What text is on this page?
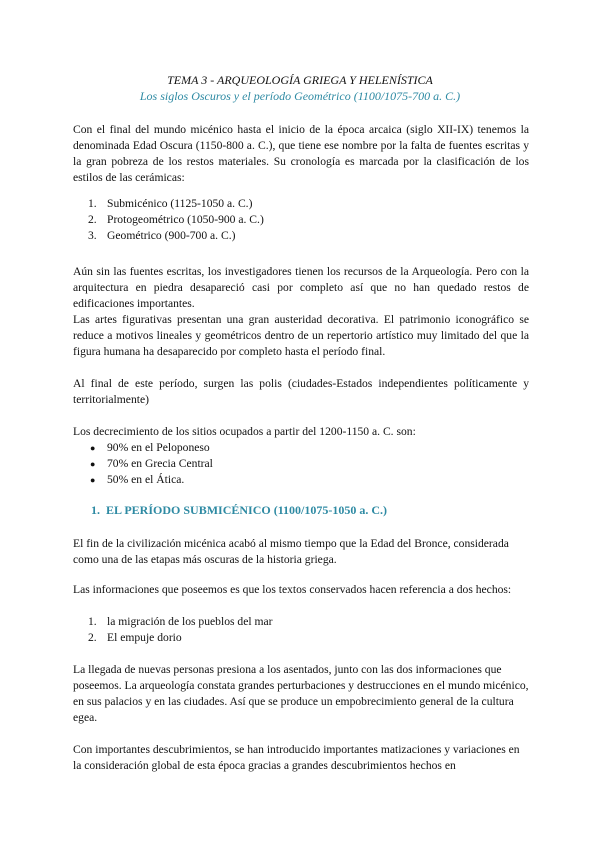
TEMA 3 - ARQUEOLOGÍA GRIEGA Y HELENÍSTICA
Los siglos Oscuros y el período Geométrico (1100/1075-700 a. C.)

Con el final del mundo micénico hasta el inicio de la época arcaica (siglo XII-IX) tenemos la denominada Edad Oscura (1150-800 a. C.), que tiene ese nombre por la falta de fuentes escritas y la gran pobreza de los restos materiales. Su cronología es marcada por la clasificación de los estilos de las cerámicas:

1. Submicénico (1125-1050 a. C.)
2. Protogeométrico (1050-900 a. C.)
3. Geométrico (900-700 a. C.)

Aún sin las fuentes escritas, los investigadores tienen los recursos de la Arqueología. Pero con la arquitectura en piedra desapareció casi por completo así que no han quedado restos de edificaciones importantes.

Las artes figurativas presentan una gran austeridad decorativa. El patrimonio iconográfico se reduce a motivos lineales y geométricos dentro de un repertorio artístico muy limitado del que la figura humana ha desaparecido por completo hasta el período final.

Al final de este período, surgen las polis (ciudades-Estados independientes políticamente y territorialmente)

Los decrecimiento de los sitios ocupados a partir del 1200-1150 a. C. son:

● 90% en el Peloponeso
● 70% en Grecia Central
● 50% en el Ática.
1. EL PERÍODO SUBMICÉNICO (1100/1075-1050 a. C.)

El fin de la civilización micénica acabó al mismo tiempo que la Edad del Bronce, considerada como una de las etapas más oscuras de la historia griega.

Las informaciones que poseemos es que los textos conservados hacen referencia a dos hechos:

1. la migración de los pueblos del mar
2. El empuje dorio

La llegada de nuevas personas presiona a los asentados, junto con las dos informaciones que poseemos. La arqueología constata grandes perturbaciones y destrucciones en el mundo micénico, en sus palacios y en las ciudades. Así que se produce un empobrecimiento general de la cultura egea.

Con importantes descubrimientos, se han introducido importantes matizaciones y variaciones en la consideración global de esta época gracias a grandes descubrimientos hechos en
